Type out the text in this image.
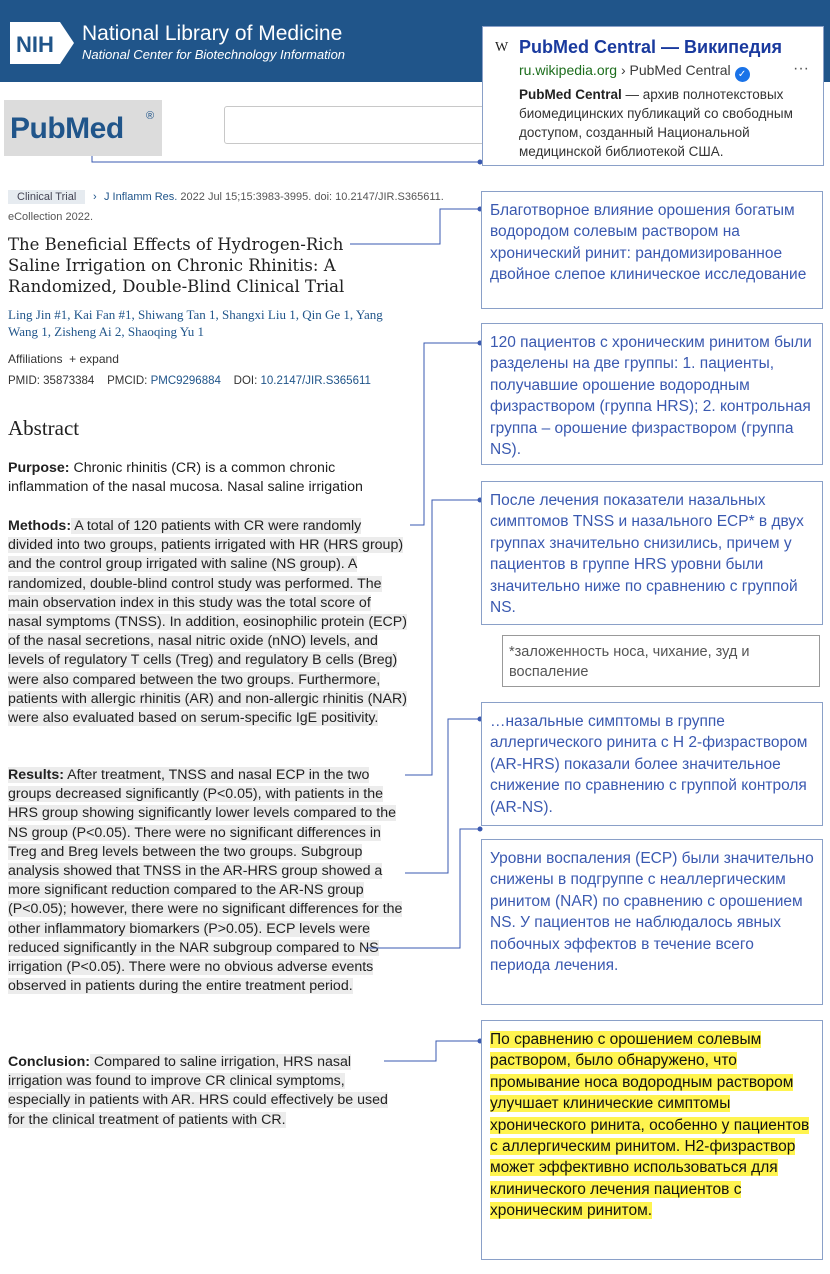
NIH National Library of Medicine
National Center for Biotechnology Information
PubMed ®
Clinical Trial	› J Inflamm Res. 2022 Jul 15;15:3983-3995. doi: 10.2147/JIR.S365611.
eCollection 2022.
The Beneficial Effects of Hydrogen-Rich Saline Irrigation on Chronic Rhinitis: A Randomized, Double-Blind Clinical Trial
Ling Jin #1, Kai Fan #1, Shiwang Tan 1, Shangxi Liu 1, Qin Ge 1, Yang Wang 1, Zisheng Ai 2, Shaoqing Yu 1
Affiliations + expand
PMID: 35873384 PMCID: PMC9296884 DOI: 10.2147/JIR.S365611
Abstract
Purpose: Chronic rhinitis (CR) is a common chronic inflammation of the nasal mucosa. Nasal saline irrigation
Methods: A total of 120 patients with CR were randomly divided into two groups, patients irrigated with HR (HRS group) and the control group irrigated with saline (NS group). A randomized, double-blind control study was performed. The main observation index in this study was the total score of nasal symptoms (TNSS). In addition, eosinophilic protein (ECP) of the nasal secretions, nasal nitric oxide (nNO) levels, and levels of regulatory T cells (Treg) and regulatory B cells (Breg) were also compared between the two groups. Furthermore, patients with allergic rhinitis (AR) and non-allergic rhinitis (NAR) were also evaluated based on serum-specific IgE positivity.
Results: After treatment, TNSS and nasal ECP in the two groups decreased significantly (P<0.05), with patients in the HRS group showing significantly lower levels compared to the NS group (P<0.05). There were no significant differences in Treg and Breg levels between the two groups. Subgroup analysis showed that TNSS in the AR-HRS group showed a more significant reduction compared to the AR-NS group (P<0.05); however, there were no significant differences for the other inflammatory biomarkers (P>0.05). ECP levels were reduced significantly in the NAR subgroup compared to NS irrigation (P<0.05). There were no obvious adverse events observed in patients during the entire treatment period.
Conclusion: Compared to saline irrigation, HRS nasal irrigation was found to improve CR clinical symptoms, especially in patients with AR. HRS could effectively be used for the clinical treatment of patients with CR.
W PubMed Central — Википедия
ru.wikipedia.org › PubMed Central ✓	···
PubMed Central — архив полнотекстовых биомедицинских публикаций со свободным доступом, созданный Национальной медицинской библиотекой США.
Благотворное влияние орошения богатым водородом солевым раствором на хронический ринит: рандомизированное двойное слепое клиническое исследование
120 пациентов с хроническим ринитом были разделены на две группы: 1. пациенты, получавшие орошение водородным физраствором (группа HRS); 2. контрольная группа – орошение физраствором (группа NS).
После лечения показатели назальных симптомов TNSS и назального ECP* в двух группах значительно снизились, причем у пациентов в группе HRS уровни были значительно ниже по сравнению с группой NS.
*заложенность носа, чихание, зуд и воспаление
…назальные симптомы в группе аллергического ринита с Н 2-физраствором (AR-HRS) показали более значительное снижение по сравнению с группой контроля (AR-NS).
Уровни воспаления (ECP) были значительно снижены в подгруппе с неаллергическим ринитом (NAR) по сравнению с орошением NS. У пациентов не наблюдалось явных побочных эффектов в течение всего периода лечения.
По сравнению с орошением солевым раствором, было обнаружено, что промывание носа водородным раствором улучшает клинические симптомы хронического ринита, особенно у пациентов с аллергическим ринитом. Н2-физраствор может эффективно использоваться для клинического лечения пациентов с хроническим ринитом.
